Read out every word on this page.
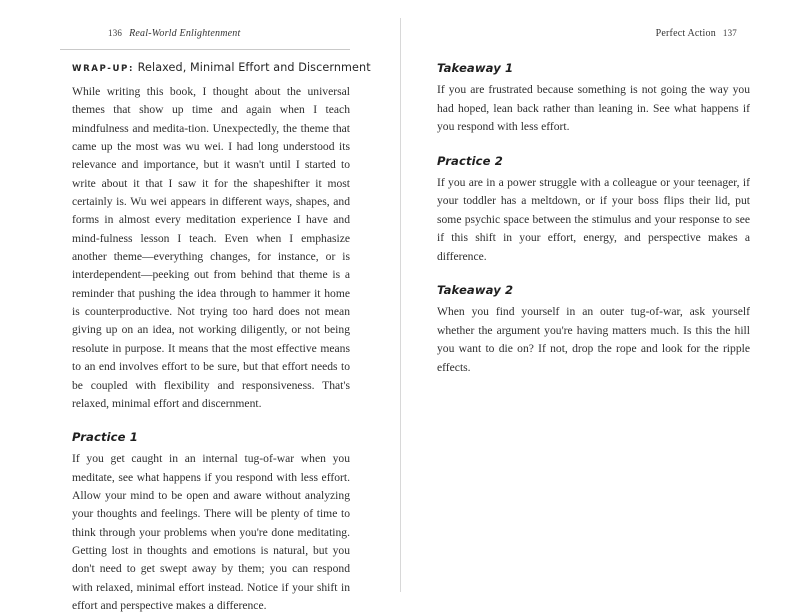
136 Real-World Enlightenment
WRAP-UP: Relaxed, Minimal Effort and Discernment

While writing this book, I thought about the universal themes that show up time and again when I teach mindfulness and medita-tion. Unexpectedly, the theme that came up the most was wu wei. I had long understood its relevance and importance, but it wasn't until I started to write about it that I saw it for the shapeshifter it most certainly is. Wu wei appears in different ways, shapes, and forms in almost every meditation experience I have and mind-fulness lesson I teach. Even when I emphasize another theme—everything changes, for instance, or is interdependent—peeking out from behind that theme is a reminder that pushing the idea through to hammer it home is counterproductive. Not trying too hard does not mean giving up on an idea, not working diligently, or not being resolute in purpose. It means that the most effective means to an end involves effort to be sure, but that effort needs to be coupled with flexibility and responsiveness. That's relaxed, minimal effort and discernment.

Practice 1

If you get caught in an internal tug-of-war when you meditate, see what happens if you respond with less effort. Allow your mind to be open and aware without analyzing your thoughts and feelings. There will be plenty of time to think through your problems when you're done meditating. Getting lost in thoughts and emotions is natural, but you don't need to get swept away by them; you can respond with relaxed, minimal effort instead. Notice if your shift in effort and perspective makes a difference.

Perfect Action 137
Takeaway 1

If you are frustrated because something is not going the way you had hoped, lean back rather than leaning in. See what happens if you respond with less effort.

Practice 2

If you are in a power struggle with a colleague or your teenager, if your toddler has a meltdown, or if your boss flips their lid, put some psychic space between the stimulus and your response to see if this shift in your effort, energy, and perspective makes a difference.

Takeaway 2

When you find yourself in an outer tug-of-war, ask yourself whether the argument you're having matters much. Is this the hill you want to die on? If not, drop the rope and look for the ripple effects.
